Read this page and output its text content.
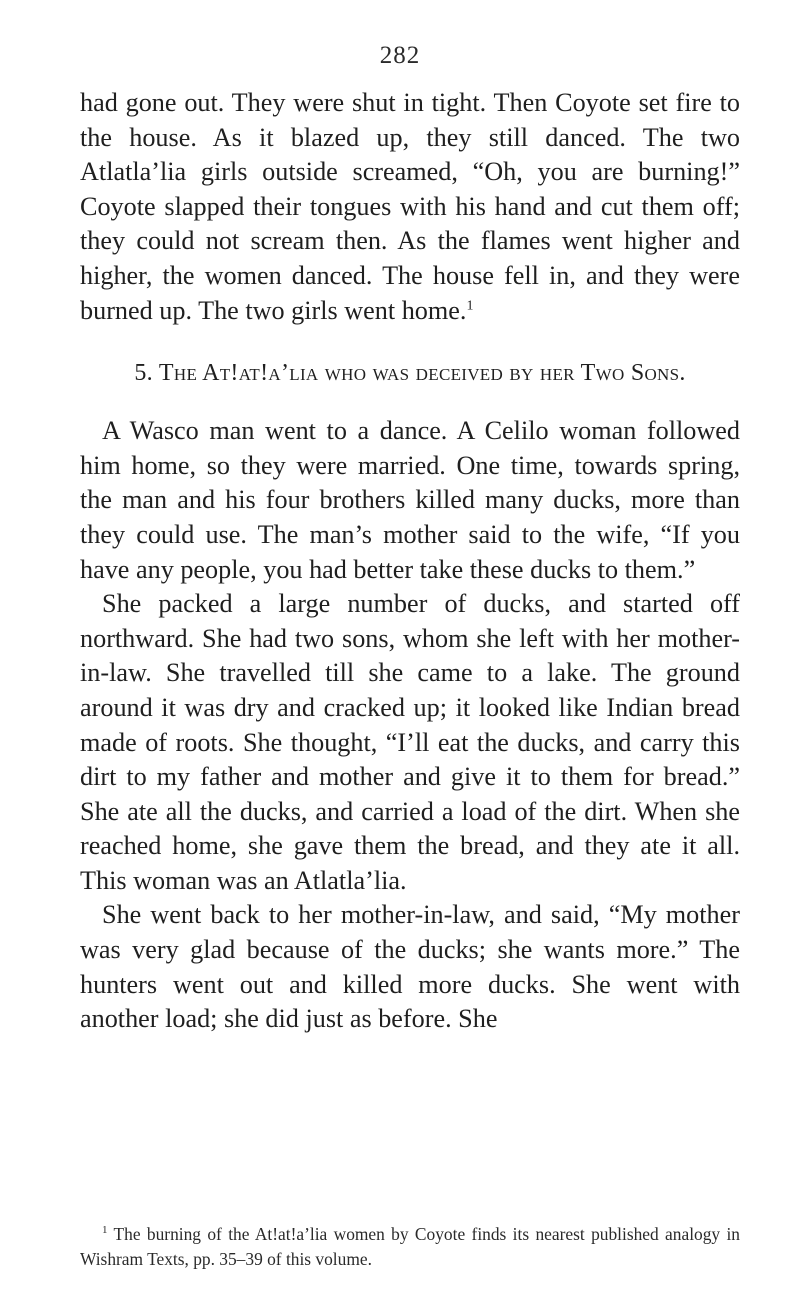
282

had gone out. They were shut in tight. Then Coyote set fire to the house. As it blazed up, they still danced. The two Atlatla’lia girls outside screamed, “Oh, you are burning!” Coyote slapped their tongues with his hand and cut them off; they could not scream then. As the flames went higher and higher, the women danced. The house fell in, and they were burned up. The two girls went home.$^1$

5. The At!at!a’lia who was deceived by her Two Sons.

A Wasco man went to a dance. A Celilo woman followed him home, so they were married. One time, towards spring, the man and his four brothers killed many ducks, more than they could use. The man’s mother said to the wife, “If you have any people, you had better take these ducks to them.”

She packed a large number of ducks, and started off northward. She had two sons, whom she left with her mother-in-law. She travelled till she came to a lake. The ground around it was dry and cracked up; it looked like Indian bread made of roots. She thought, “I’ll eat the ducks, and carry this dirt to my father and mother and give it to them for bread.” She ate all the ducks, and carried a load of the dirt. When she reached home, she gave them the bread, and they ate it all. This woman was an Atlatla’lia.

She went back to her mother-in-law, and said, “My mother was very glad because of the ducks; she wants more.” The hunters went out and killed more ducks. She went with another load; she did just as before. She

$^1$ The burning of the At!at!a’lia women by Coyote finds its nearest published analogy in Wishram Texts, pp. 35–39 of this volume.
